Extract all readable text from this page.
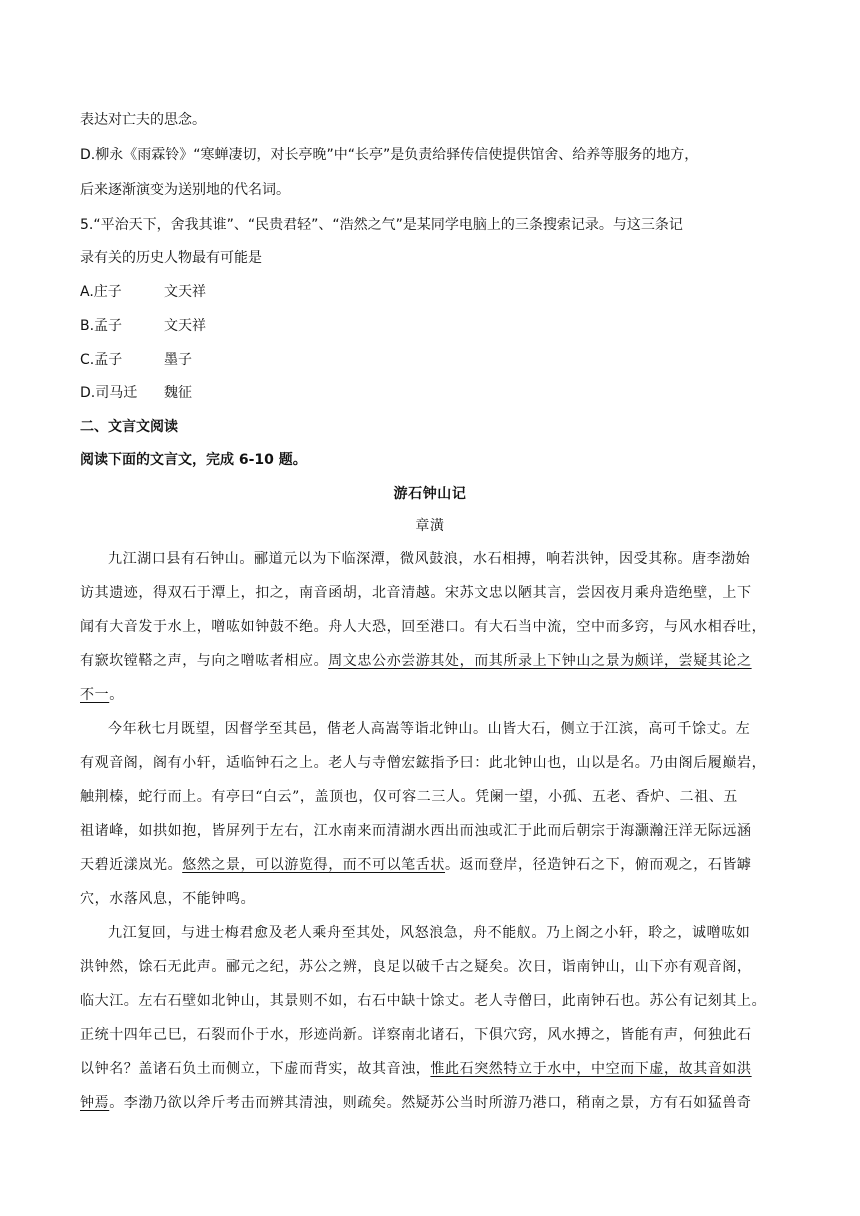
表达对亡夫的思念。
D.柳永《雨霖铃》“寒蝉凄切，对长亭晚”中“长亭”是负责给驿传信使提供馆舍、给养等服务的地方，
后来逐渐演变为送别地的代名词。
5.“平治天下，舍我其谁”、“民贵君轻”、“浩然之气”是某同学电脑上的三条搜索记录。与这三条记
录有关的历史人物最有可能是
A.庄子	文天祥
B.孟子	文天祥
C.孟子	墨子
D.司马迁 魏征
二、文言文阅读
阅读下面的文言文，完成 6-10 题。
游石钟山记
章潢
九江湖口县有石钟山。郦道元以为下临深潭，微风鼓浪，水石相搏，响若洪钟，因受其称。唐李渤始
访其遗迹，得双石于潭上，扣之，南音函胡，北音清越。宋苏文忠以陋其言，尝因夜月乘舟造绝壁，上下
闻有大音发于水上，噌吰如钟鼓不绝。舟人大恐，回至港口。有大石当中流，空中而多窍，与风水相吞吐，
有窾坎镗鞳之声，与向之噌吰者相应。周文忠公亦尝游其处，而其所录上下钟山之景为颇详，尝疑其论之
不一。
今年秋七月既望，因督学至其邑，偕老人高嵩等诣北钟山。山皆大石，侧立于江滨，高可千馀丈。左
有观音阁，阁有小轩，适临钟石之上。老人与寺僧宏鋐指予曰：此北钟山也，山以是名。乃由阁后履巅岩，
触荆榛，蛇行而上。有亭曰“白云”，盖顶也，仅可容二三人。凭阑一望，小孤、五老、香炉、二祖、五
祖诸峰，如拱如抱，皆屏列于左右，江水南来而清湖水西出而浊或汇于此而后朝宗于海灏瀚汪洋无际远涵
天碧近漾岚光。悠然之景，可以游览得，而不可以笔舌状。返而登岸，径造钟石之下，俯而观之，石皆罅
穴，水落风息，不能钟鸣。
九江复回，与进士梅君愈及老人乘舟至其处，风怒浪急，舟不能舣。乃上阁之小轩，聆之，诚噌吰如
洪钟然，馀石无此声。郦元之纪，苏公之辨，良足以破千古之疑矣。次日，诣南钟山，山下亦有观音阁，
临大江。左右石壁如北钟山，其景则不如，右石中缺十馀丈。老人寺僧曰，此南钟石也。苏公有记刻其上。
正统十四年己巳，石裂而仆于水，形迹尚新。详察南北诸石，下俱穴窍，风水搏之，皆能有声，何独此石
以钟名？盖诸石负土而侧立，下虚而背实，故其音浊，惟此石突然特立于水中，中空而下虚，故其音如洪
钟焉。李渤乃欲以斧斤考击而辨其清浊，则疏矣。然疑苏公当时所游乃港口，稍南之景，方有石如猛兽奇
